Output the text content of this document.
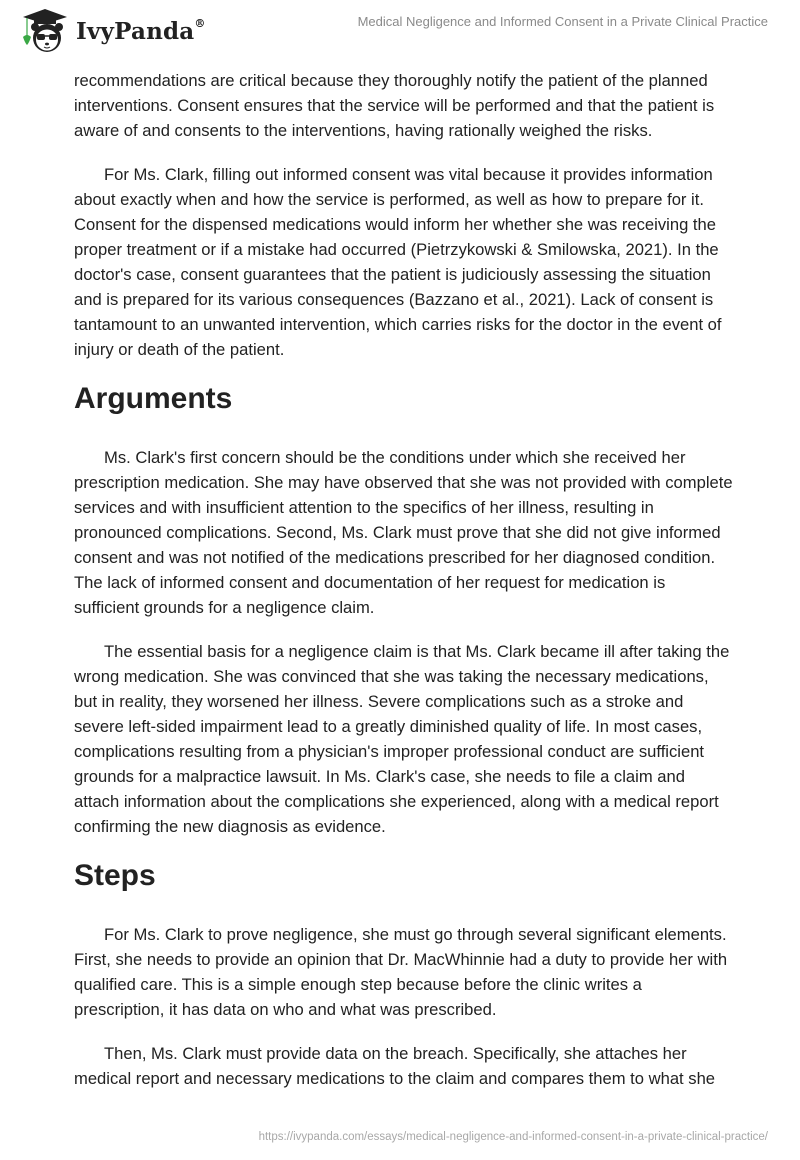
IvyPanda®	Medical Negligence and Informed Consent in a Private Clinical Practice

recommendations are critical because they thoroughly notify the patient of the planned interventions. Consent ensures that the service will be performed and that the patient is aware of and consents to the interventions, having rationally weighed the risks.

For Ms. Clark, filling out informed consent was vital because it provides information about exactly when and how the service is performed, as well as how to prepare for it. Consent for the dispensed medications would inform her whether she was receiving the proper treatment or if a mistake had occurred (Pietrzykowski & Smilowska, 2021). In the doctor's case, consent guarantees that the patient is judiciously assessing the situation and is prepared for its various consequences (Bazzano et al., 2021). Lack of consent is tantamount to an unwanted intervention, which carries risks for the doctor in the event of injury or death of the patient.

Arguments

Ms. Clark's first concern should be the conditions under which she received her prescription medication. She may have observed that she was not provided with complete services and with insufficient attention to the specifics of her illness, resulting in pronounced complications. Second, Ms. Clark must prove that she did not give informed consent and was not notified of the medications prescribed for her diagnosed condition. The lack of informed consent and documentation of her request for medication is sufficient grounds for a negligence claim.

The essential basis for a negligence claim is that Ms. Clark became ill after taking the wrong medication. She was convinced that she was taking the necessary medications, but in reality, they worsened her illness. Severe complications such as a stroke and severe left-sided impairment lead to a greatly diminished quality of life. In most cases, complications resulting from a physician's improper professional conduct are sufficient grounds for a malpractice lawsuit. In Ms. Clark's case, she needs to file a claim and attach information about the complications she experienced, along with a medical report confirming the new diagnosis as evidence.

Steps

For Ms. Clark to prove negligence, she must go through several significant elements. First, she needs to provide an opinion that Dr. MacWhinnie had a duty to provide her with qualified care. This is a simple enough step because before the clinic writes a prescription, it has data on who and what was prescribed.

Then, Ms. Clark must provide data on the breach. Specifically, she attaches her medical report and necessary medications to the claim and compares them to what she

https://ivypanda.com/essays/medical-negligence-and-informed-consent-in-a-private-clinical-practice/
